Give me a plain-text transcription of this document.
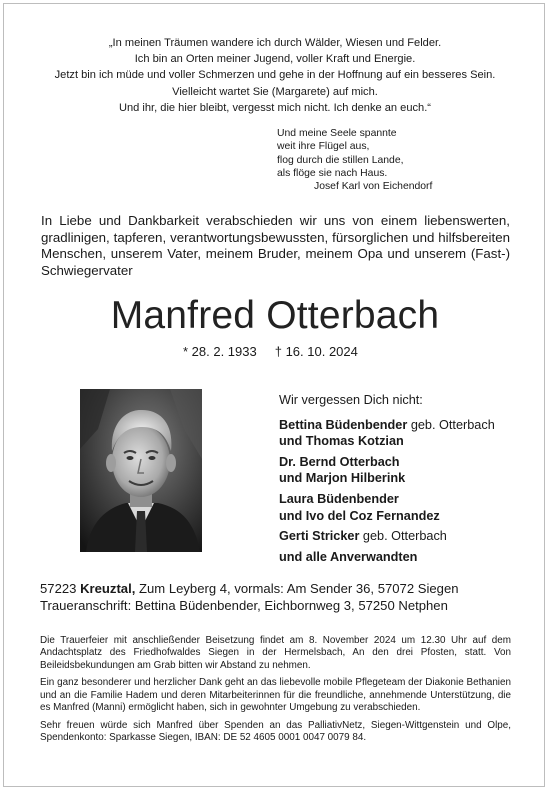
„In meinen Träumen wandere ich durch Wälder, Wiesen und Felder.
Ich bin an Orten meiner Jugend, voller Kraft und Energie.
Jetzt bin ich müde und voller Schmerzen und gehe in der Hoffnung auf ein besseres Sein.
Vielleicht wartet Sie (Margarete) auf mich.
Und ihr, die hier bleibt, vergesst mich nicht. Ich denke an euch.“
Und meine Seele spannte
weit ihre Flügel aus,
flog durch die stillen Lande,
als flöge sie nach Haus.
Josef Karl von Eichendorf
In Liebe und Dankbarkeit verabschieden wir uns von einem liebenswerten,
gradlinigen, tapferen, verantwortungsbewussten, fürsorglichen und hilfsbereiten
Menschen, unserem Vater, meinem Bruder, meinem Opa und unserem (Fast-)
Schwiegervater
Manfred Otterbach
* 28. 2. 1933 † 16. 10. 2024
Wir vergessen Dich nicht:
Bettina Büdenbender geb. Otterbach
und Thomas Kotzian
Dr. Bernd Otterbach
und Marjon Hilberink
Laura Büdenbender
und Ivo del Coz Fernandez
Gerti Stricker geb. Otterbach
und alle Anverwandten
57223 Kreuztal, Zum Leyberg 4, vormals: Am Sender 36, 57072 Siegen
Traueranschrift: Bettina Büdenbender, Eichbornweg 3, 57250 Netphen

Die Trauerfeier mit anschließender Beisetzung findet am 8. November 2024 um 12.30 Uhr auf dem Andachtsplatz des Friedhofwaldes Siegen in der Hermelsbach, An den drei Pfosten, statt. Von Beileidsbekundungen am Grab bitten wir Abstand zu nehmen.

Ein ganz besonderer und herzlicher Dank geht an das liebevolle mobile Pflegeteam der Diakonie Bethanien und an die Familie Hadem und deren Mitarbeiterinnen für die freundliche, annehmende Unterstützung, die es Manfred (Manni) ermöglicht haben, sich in gewohnter Umgebung zu verabschieden.

Sehr freuen würde sich Manfred über Spenden an das PalliativNetz, Siegen-Wittgenstein und Olpe, Spendenkonto: Sparkasse Siegen, IBAN: DE 52 4605 0001 0047 0079 84.
